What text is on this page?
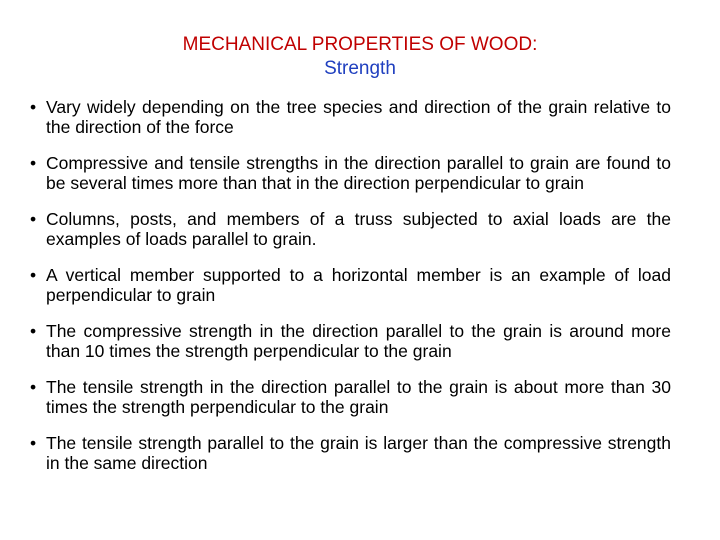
MECHANICAL PROPERTIES OF WOOD:
Strength
• Vary widely depending on the tree species and direction of the grain relative to the direction of the force
• Compressive and tensile strengths in the direction parallel to grain are found to be several times more than that in the direction perpendicular to grain
• Columns, posts, and members of a truss subjected to axial loads are the examples of loads parallel to grain.
• A vertical member supported to a horizontal member is an example of load perpendicular to grain
• The compressive strength in the direction parallel to the grain is around more than 10 times the strength perpendicular to the grain
• The tensile strength in the direction parallel to the grain is about more than 30 times the strength perpendicular to the grain
• The tensile strength parallel to the grain is larger than the compressive strength in the same direction
